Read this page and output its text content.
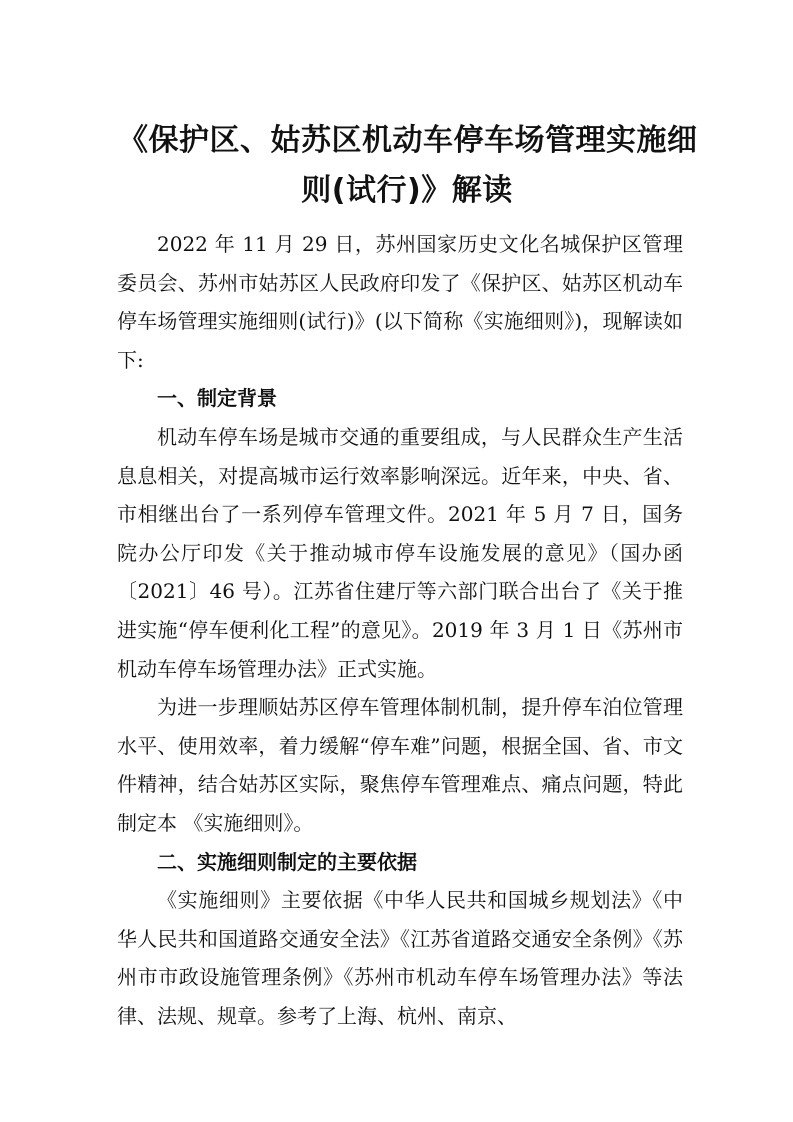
《保护区、姑苏区机动车停车场管理实施细
则(试行)》解读

2022 年 11 月 29 日，苏州国家历史文化名城保护区管理委员会、苏州市姑苏区人民政府印发了《保护区、姑苏区机动车停车场管理实施细则(试行)》(以下简称《实施细则》)，现解读如下:

一、制定背景

机动车停车场是城市交通的重要组成，与人民群众生产生活息息相关，对提高城市运行效率影响深远。近年来，中央、省、市相继出台了一系列停车管理文件。2021 年 5 月 7 日，国务院办公厅印发《关于推动城市停车设施发展的意见》（国办函〔2021〕46 号）。江苏省住建厅等六部门联合出台了《关于推进实施“停车便利化工程”的意见》。2019 年 3 月 1 日《苏州市机动车停车场管理办法》正式实施。

为进一步理顺姑苏区停车管理体制机制，提升停车泊位管理水平、使用效率，着力缓解“停车难”问题，根据全国、省、市文件精神，结合姑苏区实际，聚焦停车管理难点、痛点问题，特此制定本 《实施细则》。

二、实施细则制定的主要依据

《实施细则》主要依据《中华人民共和国城乡规划法》《中华人民共和国道路交通安全法》《江苏省道路交通安全条例》《苏州市市政设施管理条例》《苏州市机动车停车场管理办法》等法律、法规、规章。参考了上海、杭州、南京、
